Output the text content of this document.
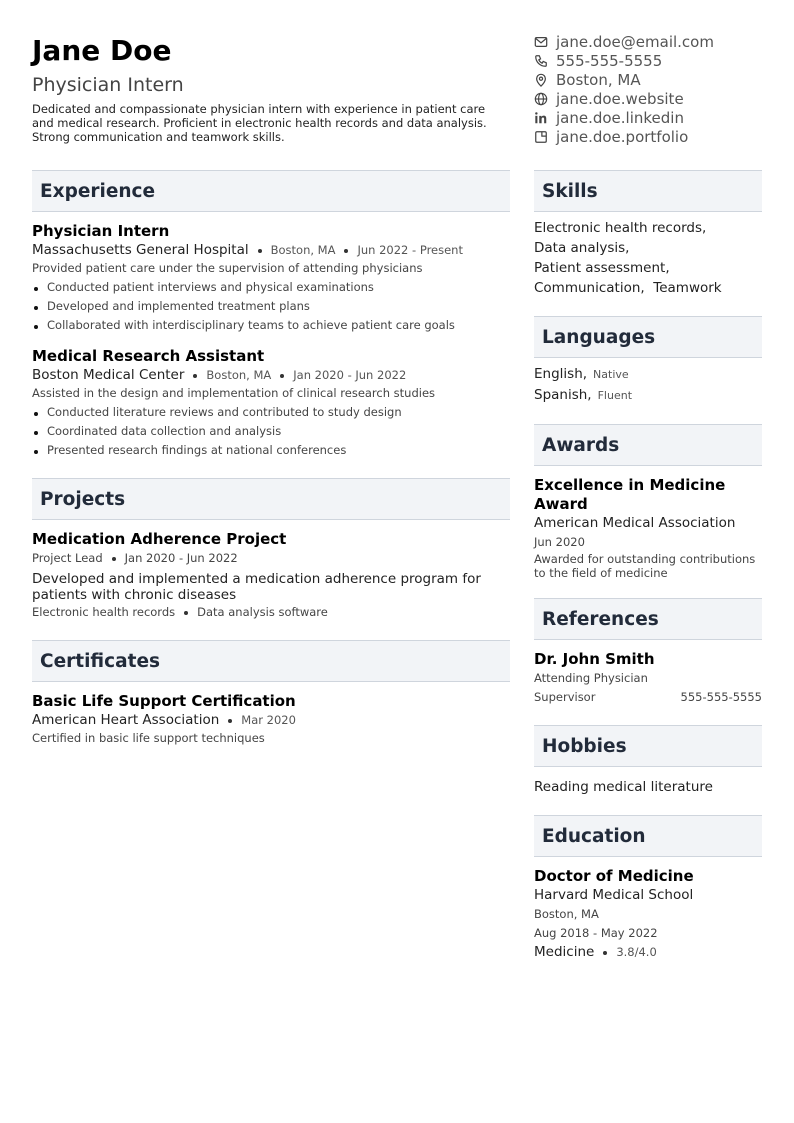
Jane Doe
Physician Intern
Dedicated and compassionate physician intern with experience in patient care and medical research. Proficient in electronic health records and data analysis. Strong communication and teamwork skills.
jane.doe@email.com
555-555-5555
Boston, MA
jane.doe.website
jane.doe.linkedin
jane.doe.portfolio
Experience
Physician Intern
Massachusetts General Hospital Boston, MA Jun 2022 - Present
Provided patient care under the supervision of attending physicians
Conducted patient interviews and physical examinations
Developed and implemented treatment plans
Collaborated with interdisciplinary teams to achieve patient care goals
Medical Research Assistant
Boston Medical Center Boston, MA Jan 2020 - Jun 2022
Assisted in the design and implementation of clinical research studies
Conducted literature reviews and contributed to study design
Coordinated data collection and analysis
Presented research findings at national conferences
Projects
Medication Adherence Project
Project Lead Jan 2020 - Jun 2022
Developed and implemented a medication adherence program for patients with chronic diseases
Electronic health records Data analysis software
Certificates
Basic Life Support Certification
American Heart Association Mar 2020
Certified in basic life support techniques
Skills
Electronic health records,
Data analysis,
Patient assessment,
Communication,  Teamwork
Languages
English, Native
Spanish, Fluent
Awards
Excellence in Medicine Award
American Medical Association
Jun 2020
Awarded for outstanding contributions to the field of medicine
References
Dr. John Smith
Attending Physician
Supervisor	555-555-5555
Hobbies
Reading medical literature
Education
Doctor of Medicine
Harvard Medical School
Boston, MA
Aug 2018 - May 2022
Medicine 3.8/4.0
